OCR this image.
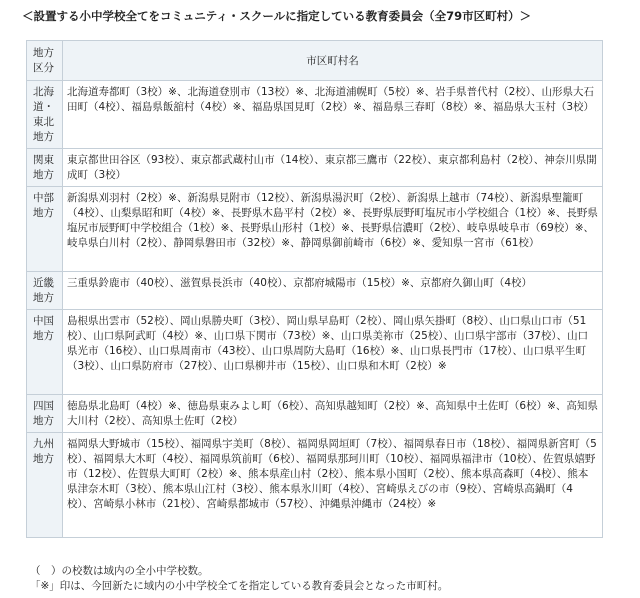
＜設置する小中学校全てをコミュニティ・スクールに指定している教育委員会（全79市区町村）＞
地方
区分	市区町村名
北海
道・
東北
地方	北海道寿都町（3校）※、北海道登別市（13校）※、北海道浦幌町（5校）※、岩手県普代村（2校）、山形県大石田町（4校）、福島県飯舘村（4校）※、福島県国見町（2校）※、福島県三春町（8校）※、福島県大玉村（3校）
関東
地方	東京都世田谷区（93校）、東京都武蔵村山市（14校）、東京都三鷹市（22校）、東京都利島村（2校）、神奈川県開成町（3校）
中部
地方	新潟県刈羽村（2校）※、新潟県見附市（12校）、新潟県湯沢町（2校）、新潟県上越市（74校）、新潟県聖籠町（4校）、山梨県昭和町（4校）※、長野県木島平村（2校）※、長野県辰野町塩尻市小学校組合（1校）※、長野県塩尻市辰野町中学校組合（1校）※、長野県山形村（1校）※、長野県信濃町（2校）、岐阜県岐阜市（69校）※、岐阜県白川村（2校）、静岡県磐田市（32校）※、静岡県御前崎市（6校）※、愛知県一宮市（61校）
近畿
地方	三重県鈴鹿市（40校）、滋賀県長浜市（40校）、京都府城陽市（15校）※、京都府久御山町（4校）
中国
地方	島根県出雲市（52校）、岡山県勝央町（3校）、岡山県早島町（2校）、岡山県矢掛町（8校）、山口県山口市（51校）、山口県阿武町（4校）※、山口県下関市（73校）※、山口県美祢市（25校）、山口県宇部市（37校）、山口県光市（16校）、山口県周南市（43校）、山口県周防大島町（16校）※、山口県長門市（17校）、山口県平生町（3校）、山口県防府市（27校）、山口県柳井市（15校）、山口県和木町（2校）※
四国
地方	徳島県北島町（4校）※、徳島県東みよし町（6校）、高知県越知町（2校）※、高知県中土佐町（6校）※、高知県大川村（2校）、高知県土佐町（2校）
九州
地方	福岡県大野城市（15校）、福岡県宇美町（8校）、福岡県岡垣町（7校）、福岡県春日市（18校）、福岡県新宮町（5校）、福岡県大木町（4校）、福岡県筑前町（6校）、福岡県那珂川町（10校）、福岡県福津市（10校）、佐賀県嬉野市（12校）、佐賀県大町町（2校）※、熊本県産山村（2校）、熊本県小国町（2校）、熊本県高森町（4校）、熊本県津奈木町（3校）、熊本県山江村（3校）、熊本県氷川町（4校）、宮崎県えびの市（9校）、宮崎県高鍋町（4校）、宮崎県小林市（21校）、宮崎県都城市（57校）、沖縄県沖縄市（24校）※
（　）の校数は域内の全小中学校数。
「※」印は、今回新たに域内の小中学校全てを指定している教育委員会となった市町村。
